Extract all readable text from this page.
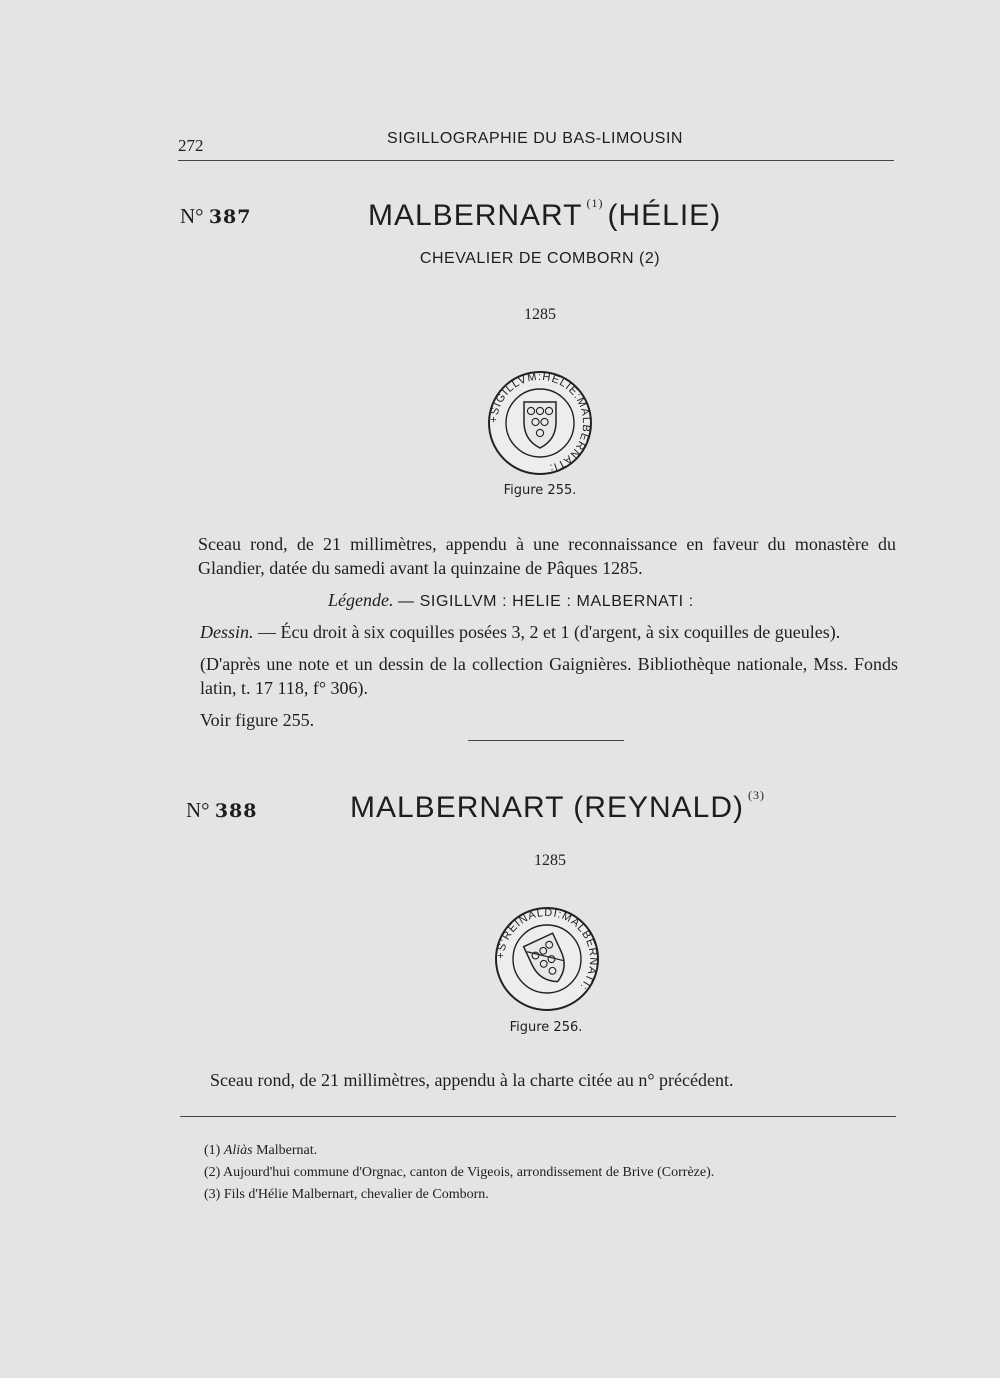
272	SIGILLOGRAPHIE DU BAS-LIMOUSIN
N° 387	MALBERNART $^{(1)}$ (HÉLIE)
CHEVALIER DE COMBORN (2)
1285
+SIGILLVM:HELIE:MALBERNATI:
Figure 255.
Sceau rond, de 21 millimètres, appendu à une reconnaissance en faveur du monastère du Glandier, datée du samedi avant la quinzaine de Pâques 1285.
Légende. — SIGILLVM : HELIE : MALBERNATI :
Dessin. — Écu droit à six coquilles posées 3, 2 et 1 (d'argent, à six coquilles de gueules).
(D'après une note et un dessin de la collection Gaignières. Bibliothèque nationale, Mss. Fonds latin, t. 17 118, f° 306).
Voir figure 255.
N° 388	MALBERNART (REYNALD) $^{(3)}$
1285
+S'REINALDI:MALBERNATI:
Figure 256.
Sceau rond, de 21 millimètres, appendu à la charte citée au n° précédent.
(1) Aliàs Malbernat.
(2) Aujourd'hui commune d'Orgnac, canton de Vigeois, arrondissement de Brive (Corrèze).
(3) Fils d'Hélie Malbernart, chevalier de Comborn.
